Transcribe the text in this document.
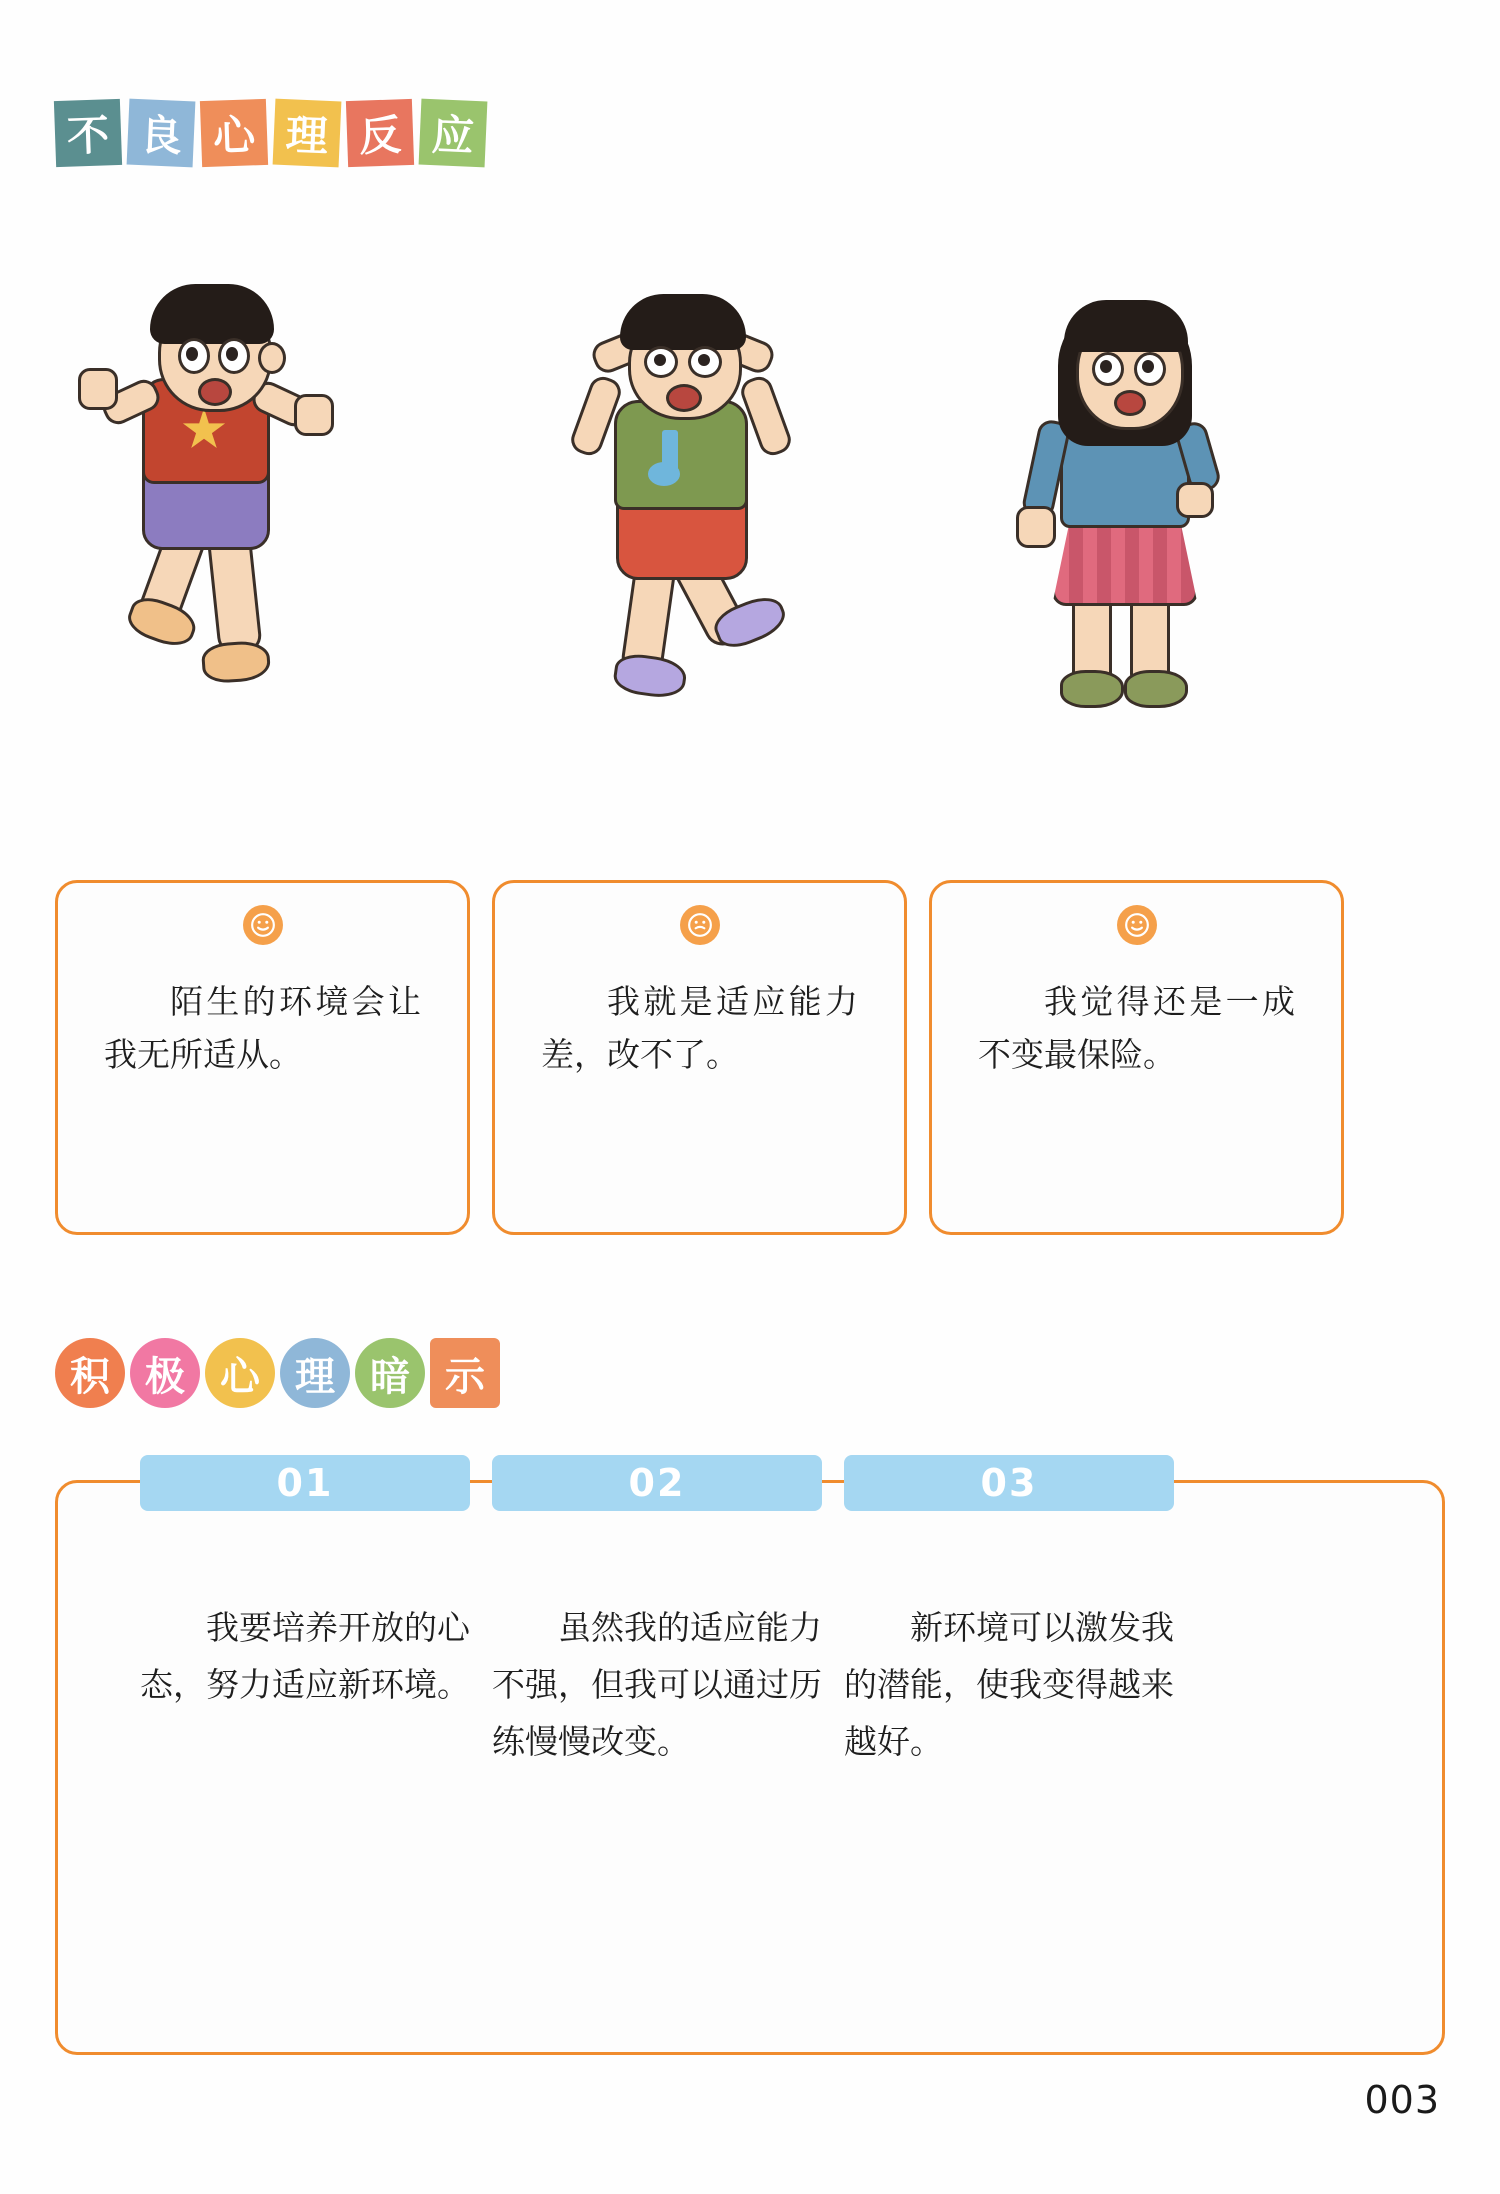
不 良 心 理 反 应
陌生的环境会让我无所适从。
我就是适应能力差，改不了。
我觉得还是一成不变最保险。
积 极 心 理 暗 示
01	02	03
我要培养开放的心态，努力适应新环境。
虽然我的适应能力不强，但我可以通过历练慢慢改变。
新环境可以激发我的潜能，使我变得越来越好。
003
